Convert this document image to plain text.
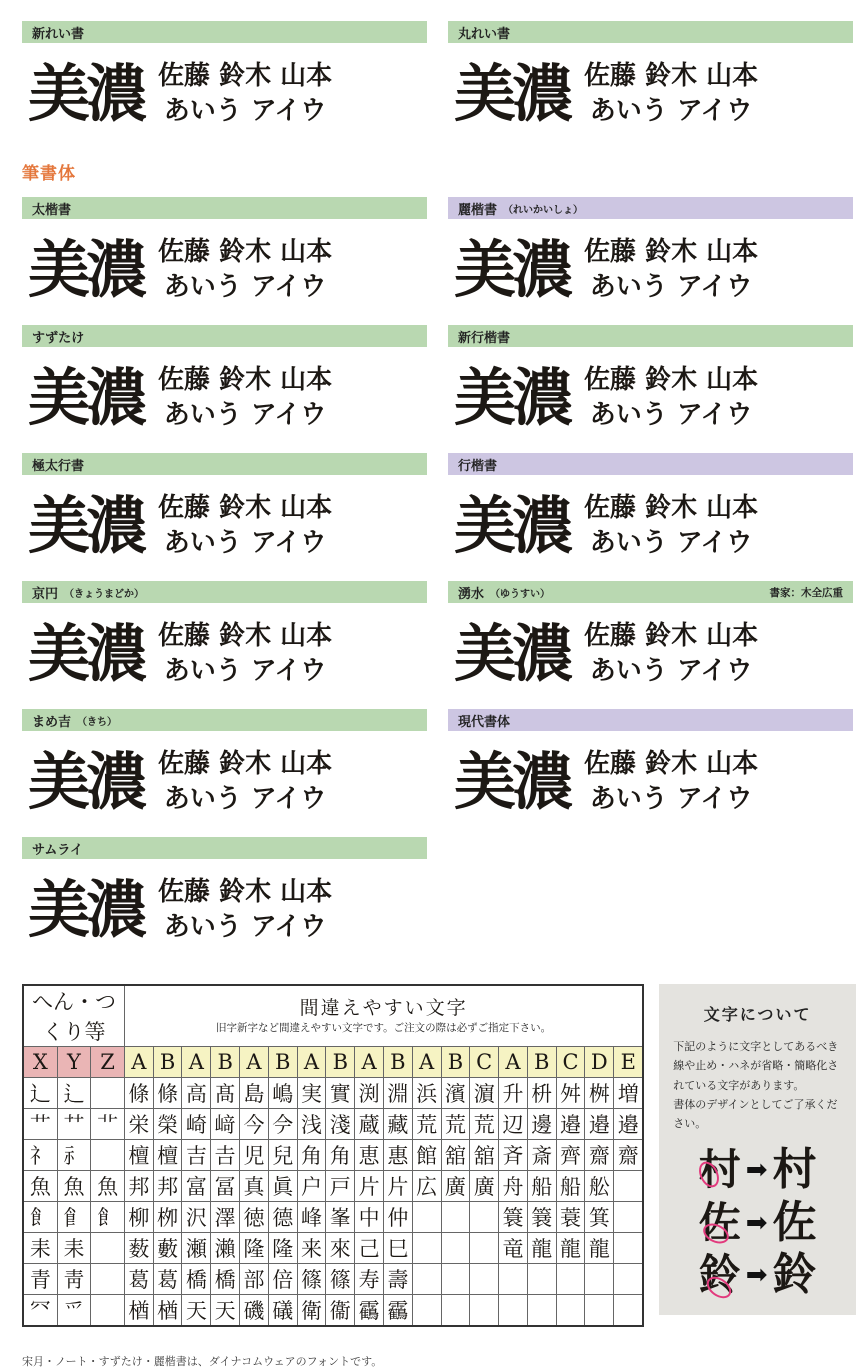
新れい書
美濃 佐藤 鈴木 山本
あいう アイウ
丸れい書
美濃 佐藤 鈴木 山本
あいう アイウ
筆書体
太楷書
美濃 佐藤 鈴木 山本
あいう アイウ
麗楷書 （れいかいしょ）
美濃 佐藤 鈴木 山本
あいう アイウ
すずたけ
美濃 佐藤 鈴木 山本
あいう アイウ
新行楷書
美濃 佐藤 鈴木 山本
あいう アイウ
極太行書
美濃 佐藤 鈴木 山本
あいう アイウ
行楷書
美濃 佐藤 鈴木 山本
あいう アイウ
京円 （きょうまどか）
美濃 佐藤 鈴木 山本
あいう アイウ
湧水 （ゆうすい）	書家：木全広重
美濃 佐藤 鈴木 山本
あいう アイウ
まめ吉 （きち）
美濃 佐藤 鈴木 山本
あいう アイウ
現代書体
美濃 佐藤 鈴木 山本
あいう アイウ
サムライ
美濃 佐藤 鈴木 山本
あいう アイウ
へん・つくり等			間違えやすい文字
旧字新字など間違えやすい文字です。ご注文の際は必ずご指定下さい。																	

X	Y	Z	A	B	A	B	A	B	A	B	A	B	A	B	C	A	B	C	D	E
⻌	⻍		條	條	高	髙	島	嶋	実	實	渕	淵	浜	濱	濵	升	枡	舛	桝	増
艹	⺿	⻀	栄	榮	崎	﨑	今	𫝆	浅	淺	蔵	藏	荒	荒	荒	辺	邊	邉	邉	邉
礻	⺬		檀	檀	吉	𠮷	児	兒	角	角	恵	惠	館	舘	舘	斉	斎	齊	齋	齋
魚	魚	魚	邦	邦	富	冨	真	眞	户	戸	片	片	広	廣	廣	舟	船	船	舩	
飠	⻞	⻟	柳	栁	沢	澤	徳	德	峰	峯	中	仲				簑	簔	蓑	箕	
耒	耒		薮	藪	瀬	瀨	隆	隆	来	來	己	巳				竜	龍	龍	龍	
青	靑		葛	葛	橋	橋	部	倍	篠	篠	寿	壽								
⺳	爫		楢	楢	天	天	磯	礒	衛	衞	靍	靏								
文字について
下記のように文字としてあるべき線や止め・ハネが省略・簡略化されている文字があります。
書体のデザインとしてご了承ください。
村 ➡ 村
佐 ➡ 佐
鈴 ➡ 鈴
宋月・ノート・すずたけ・麗楷書は、ダイナコムウェアのフォントです。
